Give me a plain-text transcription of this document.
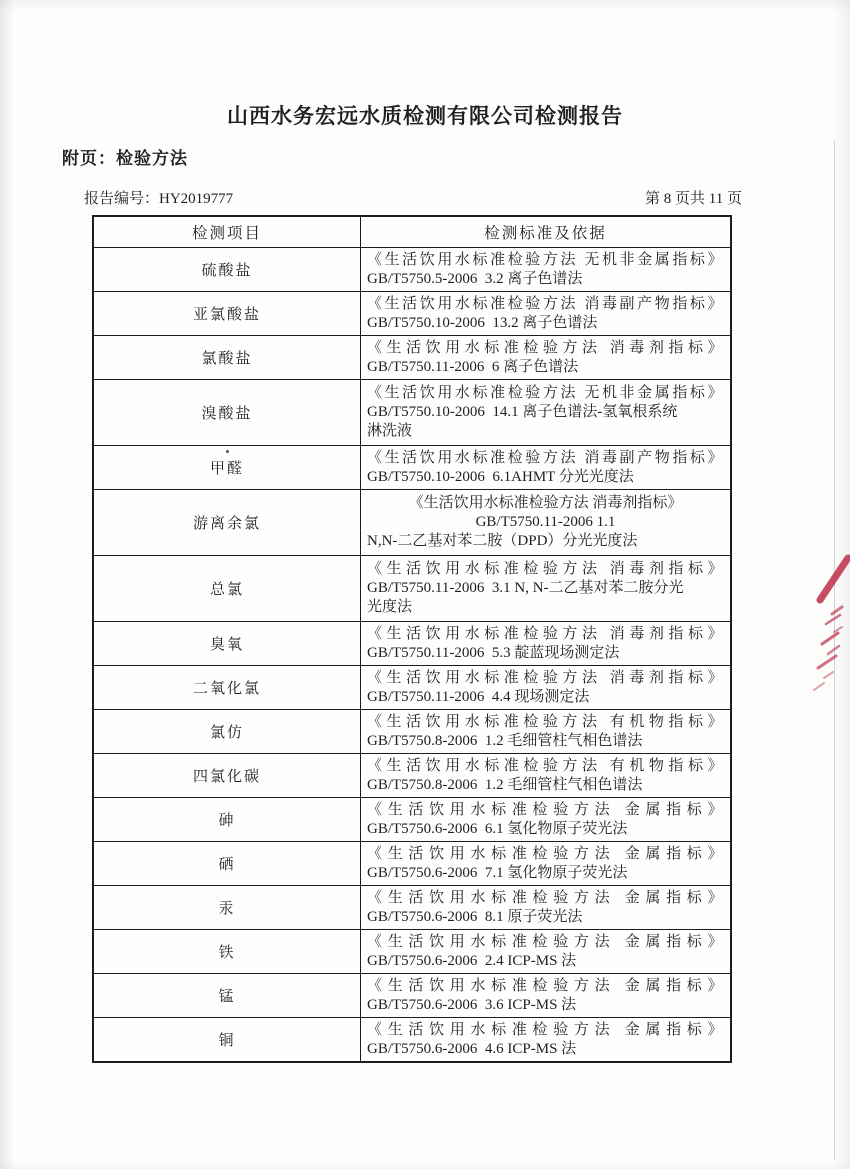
山西水务宏远水质检测有限公司检测报告
附页：检验方法
报告编号：HY2019777	第 8 页共 11 页
检测项目	检测标准及依据
硫酸盐
《生活饮用水标准检验方法 无机非金属指标》
GB/T5750.5-2006  3.2 离子色谱法
亚氯酸盐
《生活饮用水标准检验方法 消毒副产物指标》
GB/T5750.10-2006  13.2 离子色谱法
氯酸盐
《生活饮用水标准检验方法 消毒剂指标》
GB/T5750.11-2006  6 离子色谱法
溴酸盐
《生活饮用水标准检验方法 无机非金属指标》
GB/T5750.10-2006  14.1 离子色谱法-氢氧根系统
淋洗液
甲醛
《生活饮用水标准检验方法 消毒副产物指标》
GB/T5750.10-2006  6.1AHMT 分光光度法
游离余氯
《生活饮用水标准检验方法 消毒剂指标》
GB/T5750.11-2006 1.1
N,N-二乙基对苯二胺（DPD）分光光度法
总氯
《生活饮用水标准检验方法 消毒剂指标》
GB/T5750.11-2006  3.1 N, N-二乙基对苯二胺分光
光度法
臭氧
《生活饮用水标准检验方法 消毒剂指标》
GB/T5750.11-2006  5.3 靛蓝现场测定法
二氧化氯
《生活饮用水标准检验方法 消毒剂指标》
GB/T5750.11-2006  4.4 现场测定法
氯仿
《生活饮用水标准检验方法 有机物指标》
GB/T5750.8-2006  1.2 毛细管柱气相色谱法
四氯化碳
《生活饮用水标准检验方法 有机物指标》
GB/T5750.8-2006  1.2 毛细管柱气相色谱法
砷
《生活饮用水标准检验方法 金属指标》
GB/T5750.6-2006  6.1 氢化物原子荧光法
硒
《生活饮用水标准检验方法 金属指标》
GB/T5750.6-2006  7.1 氢化物原子荧光法
汞
《生活饮用水标准检验方法 金属指标》
GB/T5750.6-2006  8.1 原子荧光法
铁
《生活饮用水标准检验方法 金属指标》
GB/T5750.6-2006  2.4 ICP-MS 法
锰
《生活饮用水标准检验方法 金属指标》
GB/T5750.6-2006  3.6 ICP-MS 法
铜
《生活饮用水标准检验方法 金属指标》
GB/T5750.6-2006  4.6 ICP-MS 法
